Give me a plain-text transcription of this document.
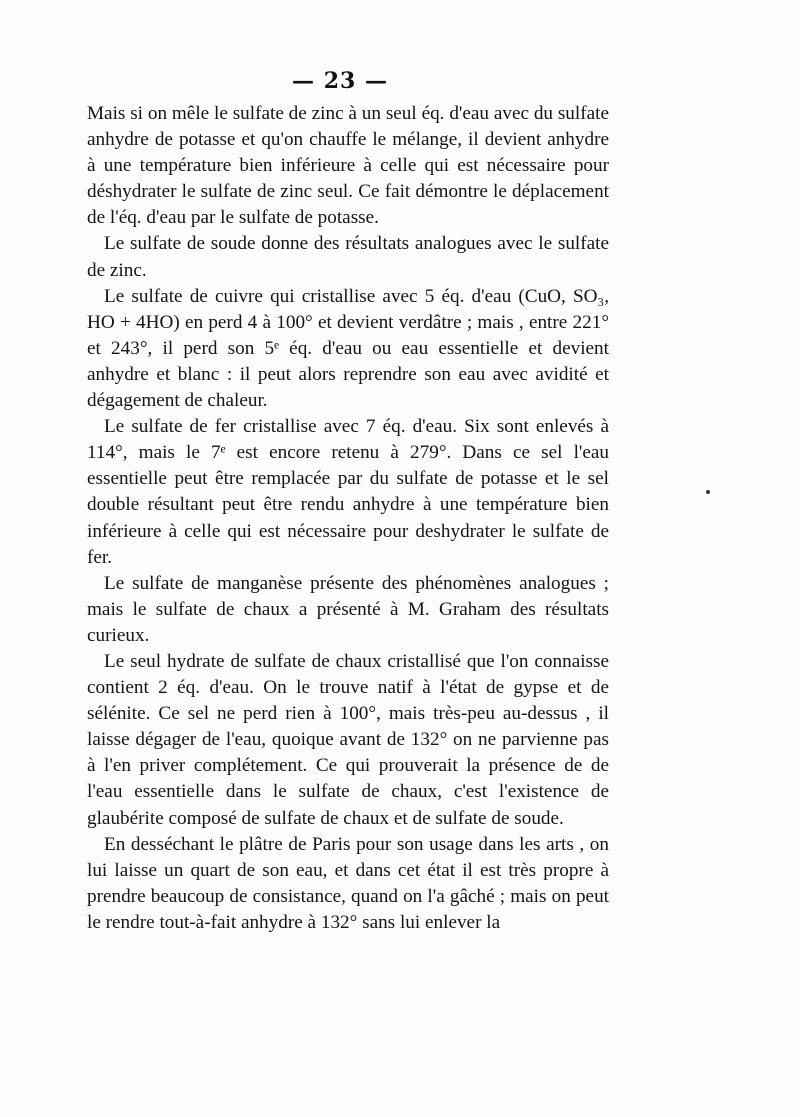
— 23 —

Mais si on mêle le sulfate de zinc à un seul éq. d'eau avec du sulfate anhydre de potasse et qu'on chauffe le mélange, il devient anhydre à une température bien inférieure à celle qui est nécessaire pour déshydrater le sulfate de zinc seul. Ce fait démontre le déplacement de l'éq. d'eau par le sulfate de potasse.

Le sulfate de soude donne des résultats analogues avec le sulfate de zinc.

Le sulfate de cuivre qui cristallise avec 5 éq. d'eau (CuO, SO₃, HO + 4HO) en perd 4 à 100° et devient verdâtre ; mais , entre 221° et 243°, il perd son 5ᵉ éq. d'eau ou eau essentielle et devient anhydre et blanc : il peut alors reprendre son eau avec avidité et dégagement de chaleur.

Le sulfate de fer cristallise avec 7 éq. d'eau. Six sont enlevés à 114°, mais le 7ᵉ est encore retenu à 279°. Dans ce sel l'eau essentielle peut être remplacée par du sulfate de potasse et le sel double résultant peut être rendu anhydre à une température bien inférieure à celle qui est nécessaire pour deshydrater le sulfate de fer.

Le sulfate de manganèse présente des phénomènes analogues ; mais le sulfate de chaux a présenté à M. Graham des résultats curieux.

Le seul hydrate de sulfate de chaux cristallisé que l'on connaisse contient 2 éq. d'eau. On le trouve natif à l'état de gypse et de sélénite. Ce sel ne perd rien à 100°, mais très-peu au-dessus , il laisse dégager de l'eau, quoique avant de 132° on ne parvienne pas à l'en priver complétement. Ce qui prouverait la présence de de l'eau essentielle dans le sulfate de chaux, c'est l'existence de glaubérite composé de sulfate de chaux et de sulfate de soude.

En desséchant le plâtre de Paris pour son usage dans les arts , on lui laisse un quart de son eau, et dans cet état il est très propre à prendre beaucoup de consistance, quand on l'a gâché ; mais on peut le rendre tout-à-fait anhydre à 132° sans lui enlever la
